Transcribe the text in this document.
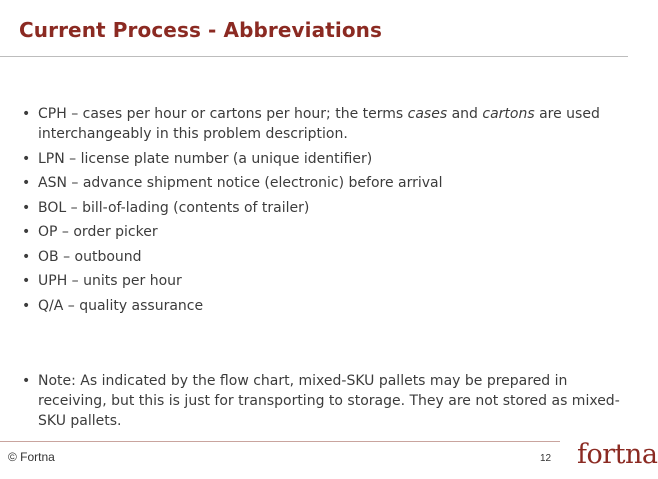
Current Process - Abbreviations
• CPH – cases per hour or cartons per hour; the terms cases and cartons are used interchangeably in this problem description.
• LPN – license plate number (a unique identifier)
• ASN – advance shipment notice (electronic) before arrival
• BOL – bill-of-lading (contents of trailer)
• OP – order picker
• OB – outbound
• UPH – units per hour
• Q/A – quality assurance
• Note: As indicated by the flow chart, mixed-SKU pallets may be prepared in receiving, but this is just for transporting to storage. They are not stored as mixed-SKU pallets.
© Fortna	12 fortna
